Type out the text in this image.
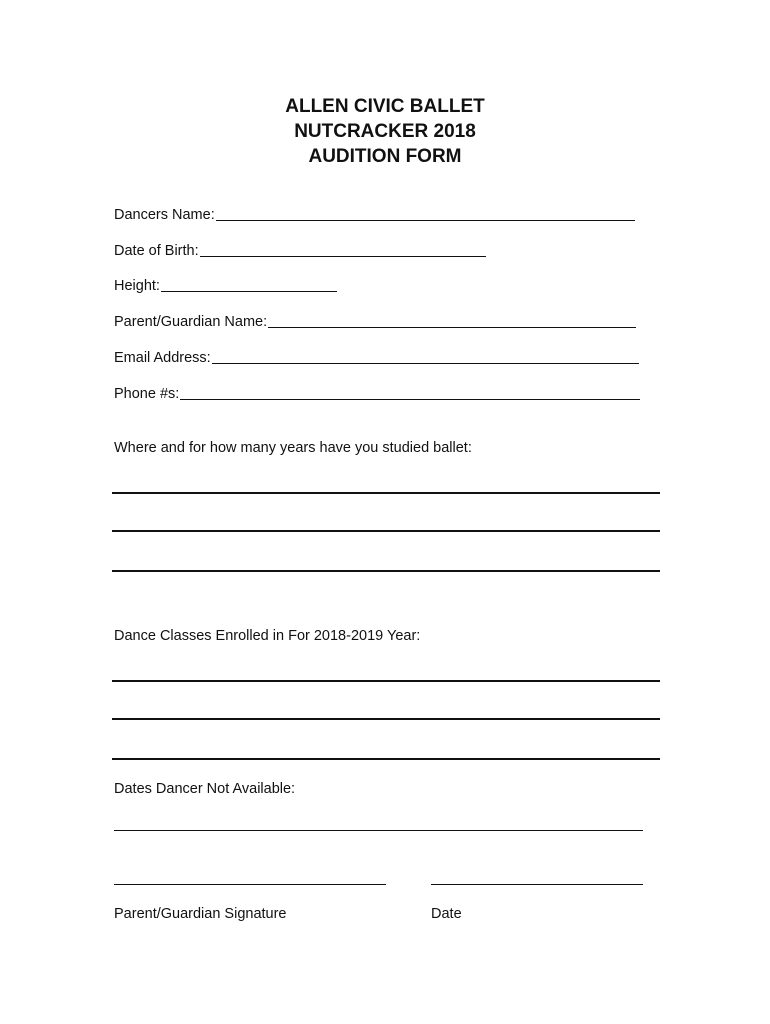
ALLEN CIVIC BALLET
NUTCRACKER 2018
AUDITION FORM
Dancers Name:
Date of Birth:
Height:
Parent/Guardian Name:
Email Address:
Phone #s:
Where and for how many years have you studied ballet:
Dance Classes Enrolled in For 2018-2019 Year:
Dates Dancer Not Available:
Parent/Guardian Signature	Date
